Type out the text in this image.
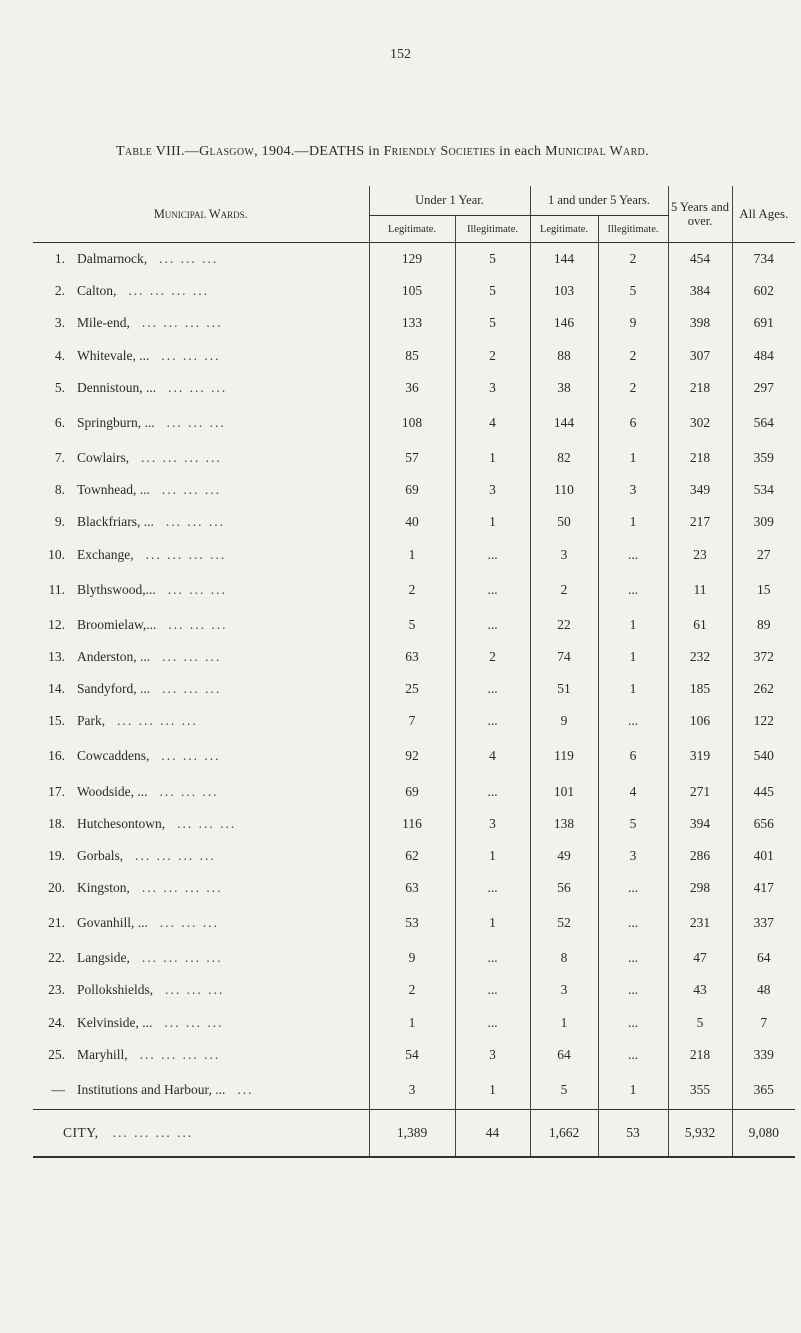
152
Table VIII.—Glasgow, 1904.—DEATHS in Friendly Societies in each Municipal Ward.
Municipal Wards.	Under 1 Year.		1 and under 5 Years.		5 Years and over.	All Ages.
	Legitimate.	Illegitimate.	Legitimate.	Illegitimate.		
1. Dalmarnock, ... ... ...	129	5	144	2	454	734
2. Calton, ... ... ... ...	105	5	103	5	384	602
3. Mile-end, ... ... ... ...	133	5	146	9	398	691
4. Whitevale, ... ... ... ...	85	2	88	2	307	484
5. Dennistoun, ... ... ... ...	36	3	38	2	218	297
6. Springburn, ... ... ... ...	108	4	144	6	302	564
7. Cowlairs, ... ... ... ...	57	1	82	1	218	359
8. Townhead, ... ... ... ...	69	3	110	3	349	534
9. Blackfriars, ... ... ... ...	40	1	50	1	217	309
10. Exchange, ... ... ... ...	1	...	3	...	23	27
11. Blythswood,... ... ... ...	2	...	2	...	11	15
12. Broomielaw,... ... ... ...	5	...	22	1	61	89
13. Anderston, ... ... ... ...	63	2	74	1	232	372
14. Sandyford, ... ... ... ...	25	...	51	1	185	262
15. Park, ... ... ... ...	7	...	9	...	106	122
16. Cowcaddens, ... ... ...	92	4	119	6	319	540
17. Woodside, ... ... ... ...	69	...	101	4	271	445
18. Hutchesontown, ... ... ...	116	3	138	5	394	656
19. Gorbals, ... ... ... ...	62	1	49	3	286	401
20. Kingston, ... ... ... ...	63	...	56	...	298	417
21. Govanhill, ... ... ... ...	53	1	52	...	231	337
22. Langside, ... ... ... ...	9	...	8	...	47	64
23. Pollokshields, ... ... ...	2	...	3	...	43	48
24. Kelvinside, ... ... ... ...	1	...	1	...	5	7
25. Maryhill, ... ... ... ...	54	3	64	...	218	339
— Institutions and Harbour, ... ...	3	1	5	1	355	365
CITY, ... ... ... ...	1,389	44	1,662	53	5,932	9,080
